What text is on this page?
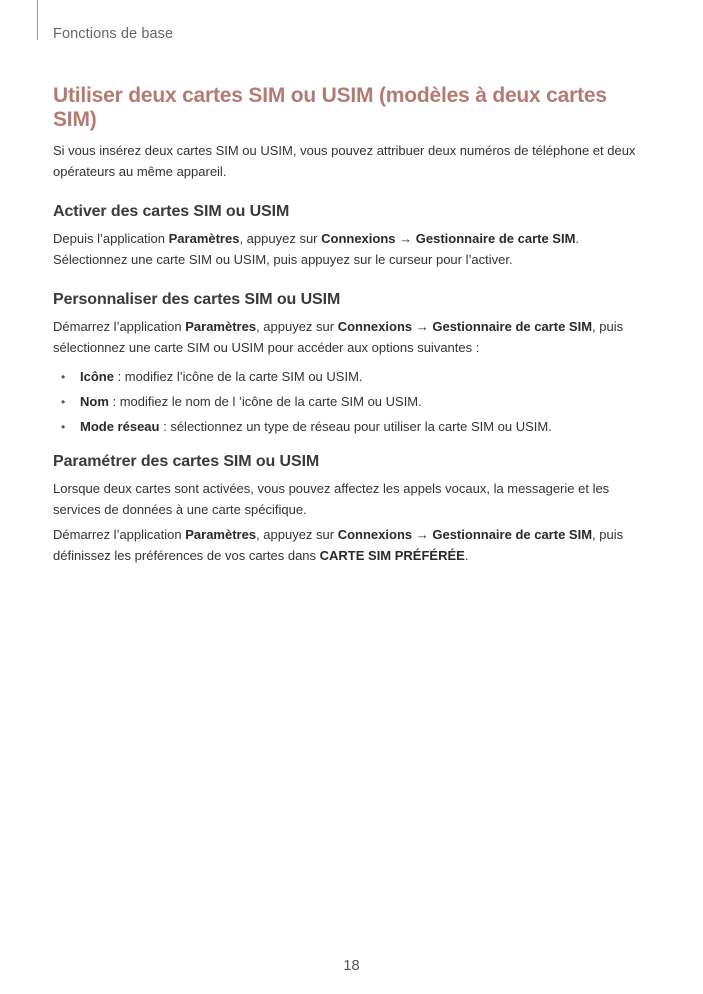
Fonctions de base
Utiliser deux cartes SIM ou USIM (modèles à deux cartes SIM)

Si vous insérez deux cartes SIM ou USIM, vous pouvez attribuer deux numéros de téléphone et deux opérateurs au même appareil.

Activer des cartes SIM ou USIM

Depuis l’application Paramètres, appuyez sur Connexions → Gestionnaire de carte SIM.
Sélectionnez une carte SIM ou USIM, puis appuyez sur le curseur pour l’activer.

Personnaliser des cartes SIM ou USIM

Démarrez l’application Paramètres, appuyez sur Connexions → Gestionnaire de carte SIM, puis sélectionnez une carte SIM ou USIM pour accéder aux options suivantes :

• Icône : modifiez l’icône de la carte SIM ou USIM.
• Nom : modifiez le nom de l ’icône de la carte SIM ou USIM.
• Mode réseau : sélectionnez un type de réseau pour utiliser la carte SIM ou USIM.
Paramétrer des cartes SIM ou USIM

Lorsque deux cartes sont activées, vous pouvez affectez les appels vocaux, la messagerie et les services de données à une carte spécifique.

Démarrez l’application Paramètres, appuyez sur Connexions → Gestionnaire de carte SIM, puis définissez les préférences de vos cartes dans CARTE SIM PRÉFÉRÉE.

18
